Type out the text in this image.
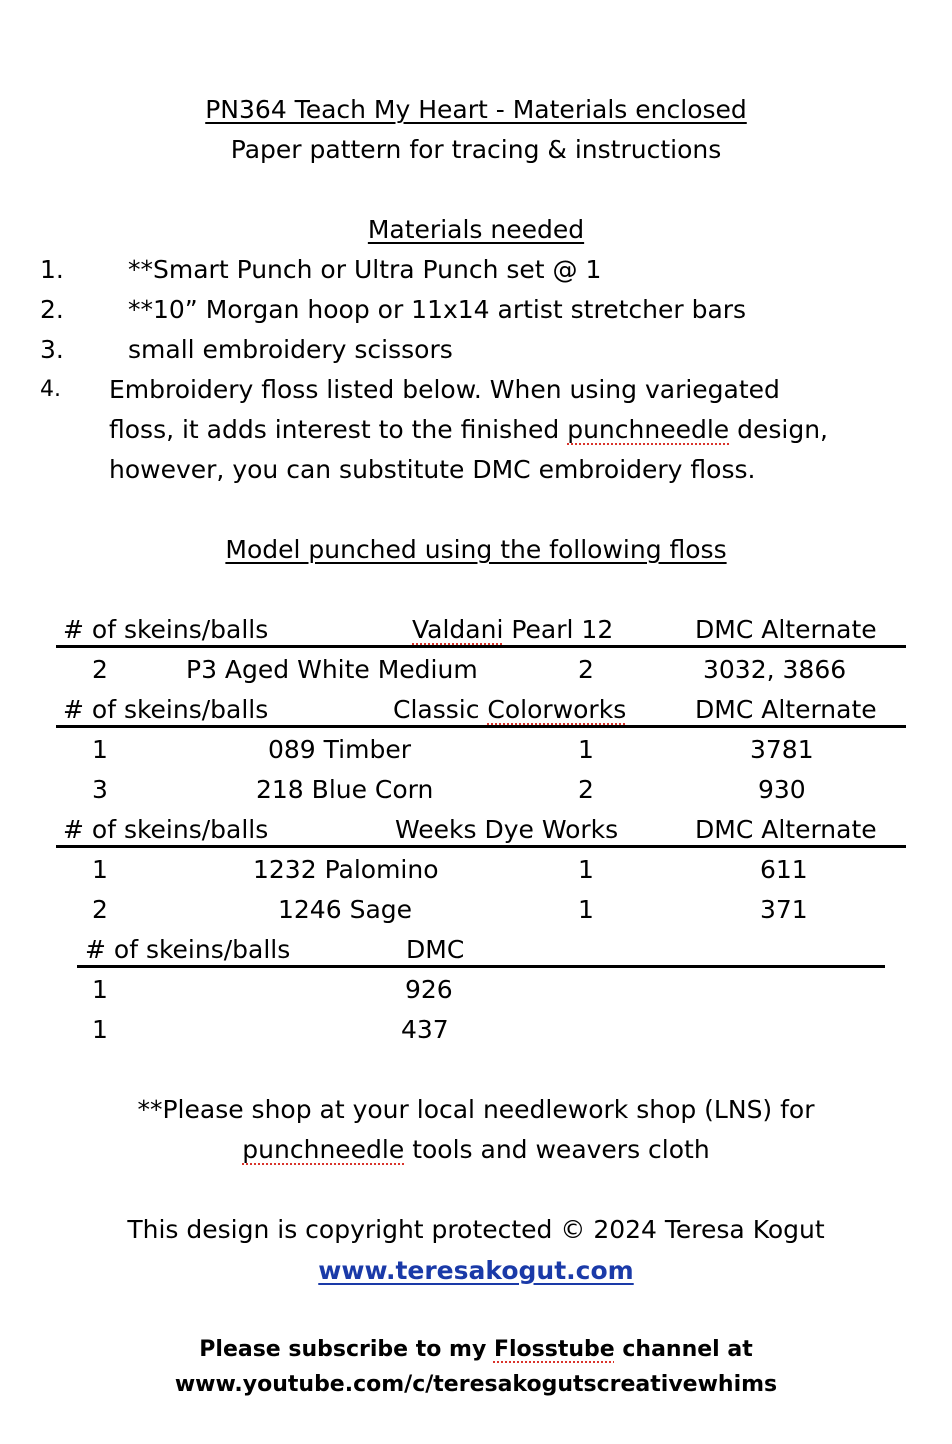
PN364 Teach My Heart - Materials enclosed
Paper pattern for tracing & instructions
Materials needed
1.	**Smart Punch or Ultra Punch set @ 1
2.	**10” Morgan hoop or 11x14 artist stretcher bars
3.	small embroidery scissors
4. Embroidery floss listed below. When using variegated
floss, it adds interest to the finished punchneedle design,
however, you can substitute DMC embroidery floss.
Model punched using the following floss
# of skeins/balls	Valdani Pearl 12	DMC Alternate
2	P3 Aged White Medium	2	3032, 3866
# of skeins/balls	Classic Colorworks	DMC Alternate
1	089 Timber	1	3781
3	218 Blue Corn	2	930
# of skeins/balls	Weeks Dye Works	DMC Alternate
1	1232 Palomino	1	611
2	1246 Sage	1	371
# of skeins/balls	DMC
1	926
1	437
**Please shop at your local needlework shop (LNS) for
punchneedle tools and weavers cloth
This design is copyright protected © 2024 Teresa Kogut
www.teresakogut.com
Please subscribe to my Flosstube channel at
www.youtube.com/c/teresakogutscreativewhims
